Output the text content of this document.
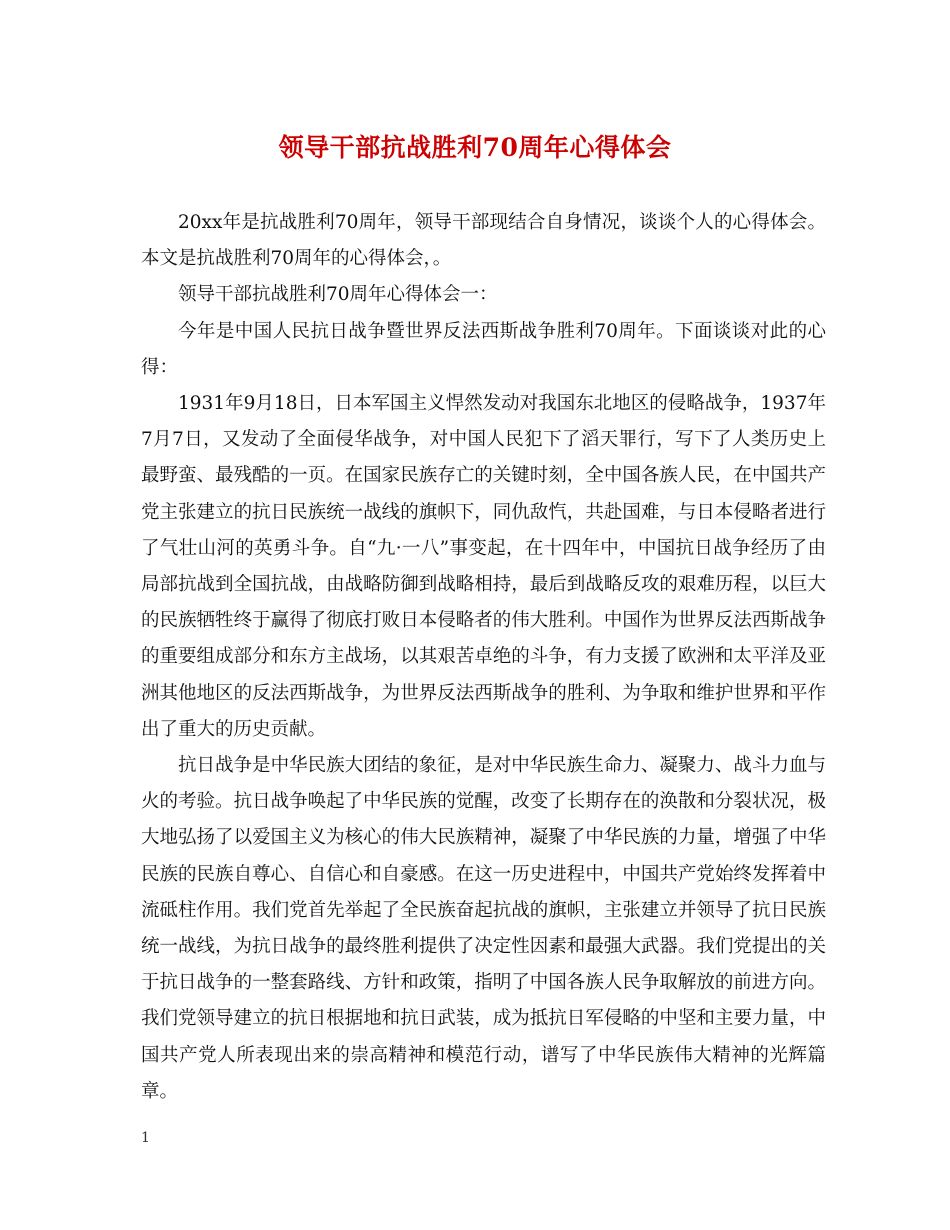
领导干部抗战胜利70周年心得体会

20xx年是抗战胜利70周年，领导干部现结合自身情况，谈谈个人的心得体会。本文是抗战胜利70周年的心得体会，。

领导干部抗战胜利70周年心得体会一：

今年是中国人民抗日战争暨世界反法西斯战争胜利70周年。下面谈谈对此的心得：

1931年9月18日，日本军国主义悍然发动对我国东北地区的侵略战争，1937年7月7日，又发动了全面侵华战争，对中国人民犯下了滔天罪行，写下了人类历史上最野蛮、最残酷的一页。在国家民族存亡的关键时刻，全中国各族人民，在中国共产党主张建立的抗日民族统一战线的旗帜下，同仇敌忾，共赴国难，与日本侵略者进行了气壮山河的英勇斗争。自“九·一八”事变起，在十四年中，中国抗日战争经历了由局部抗战到全国抗战，由战略防御到战略相持，最后到战略反攻的艰难历程，以巨大的民族牺牲终于赢得了彻底打败日本侵略者的伟大胜利。中国作为世界反法西斯战争的重要组成部分和东方主战场，以其艰苦卓绝的斗争，有力支援了欧洲和太平洋及亚洲其他地区的反法西斯战争，为世界反法西斯战争的胜利、为争取和维护世界和平作出了重大的历史贡献。

抗日战争是中华民族大团结的象征，是对中华民族生命力、凝聚力、战斗力血与火的考验。抗日战争唤起了中华民族的觉醒，改变了长期存在的涣散和分裂状况，极大地弘扬了以爱国主义为核心的伟大民族精神，凝聚了中华民族的力量，增强了中华民族的民族自尊心、自信心和自豪感。在这一历史进程中，中国共产党始终发挥着中流砥柱作用。我们党首先举起了全民族奋起抗战的旗帜，主张建立并领导了抗日民族统一战线，为抗日战争的最终胜利提供了决定性因素和最强大武器。我们党提出的关于抗日战争的一整套路线、方针和政策，指明了中国各族人民争取解放的前进方向。我们党领导建立的抗日根据地和抗日武装，成为抵抗日军侵略的中坚和主要力量，中国共产党人所表现出来的崇高精神和模范行动，谱写了中华民族伟大精神的光辉篇章。

1
